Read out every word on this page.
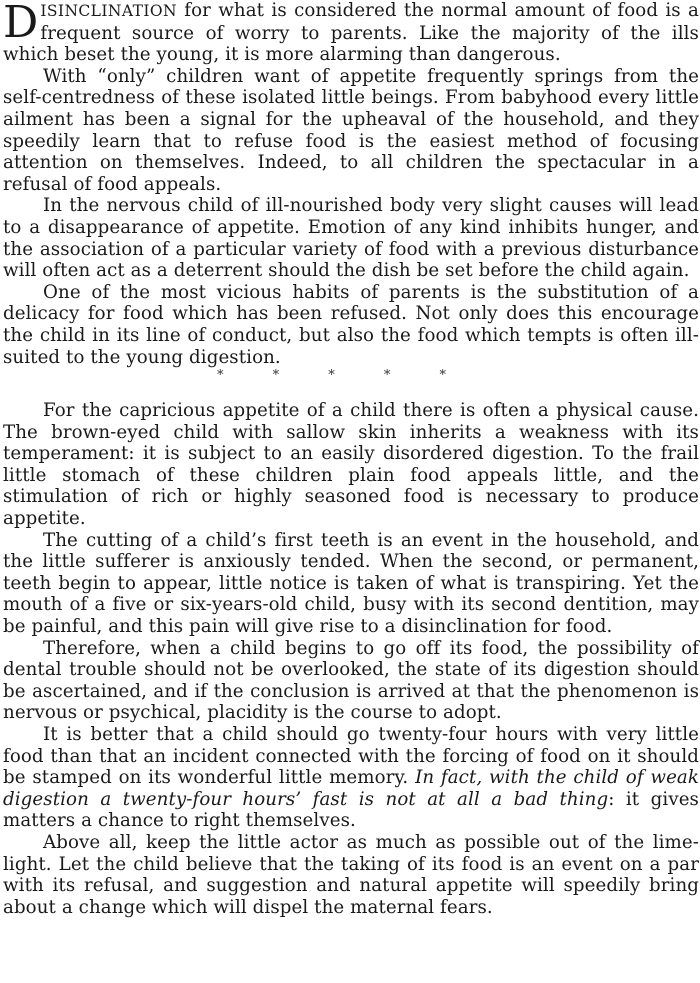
DISINCLINATION for what is considered the normal amount of food is a frequent source of worry to parents. Like the majority of the ills which beset the young, it is more alarming than dangerous.

With “only” children want of appetite frequently springs from the self-centredness of these isolated little beings. From babyhood every little ailment has been a signal for the upheaval of the household, and they speedily learn that to refuse food is the easiest method of focusing attention on themselves. Indeed, to all children the spectacular in a refusal of food appeals.

In the nervous child of ill-nourished body very slight causes will lead to a disappearance of appetite. Emotion of any kind inhibits hunger, and the association of a particular variety of food with a previous disturbance will often act as a deterrent should the dish be set before the child again.

One of the most vicious habits of parents is the substitution of a delicacy for food which has been refused. Not only does this encourage the child in its line of conduct, but also the food which tempts is often ill-suited to the young digestion.

*	*	*	*	*

For the capricious appetite of a child there is often a physical cause. The brown-eyed child with sallow skin inherits a weakness with its temperament: it is subject to an easily disordered digestion. To the frail little stomach of these children plain food appeals little, and the stimulation of rich or highly seasoned food is necessary to produce appetite.

The cutting of a child’s first teeth is an event in the household, and the little sufferer is anxiously tended. When the second, or permanent, teeth begin to appear, little notice is taken of what is transpiring. Yet the mouth of a five or six-years-old child, busy with its second dentition, may be painful, and this pain will give rise to a disinclination for food.

Therefore, when a child begins to go off its food, the possibility of dental trouble should not be overlooked, the state of its digestion should be ascertained, and if the conclusion is arrived at that the phenomenon is nervous or psychical, placidity is the course to adopt.

It is better that a child should go twenty-four hours with very little food than that an incident connected with the forcing of food on it should be stamped on its wonderful little memory. In fact, with the child of weak digestion a twenty-four hours’ fast is not at all a bad thing: it gives matters a chance to right themselves.

Above all, keep the little actor as much as possible out of the lime-light. Let the child believe that the taking of its food is an event on a par with its refusal, and suggestion and natural appetite will speedily bring about a change which will dispel the maternal fears.
